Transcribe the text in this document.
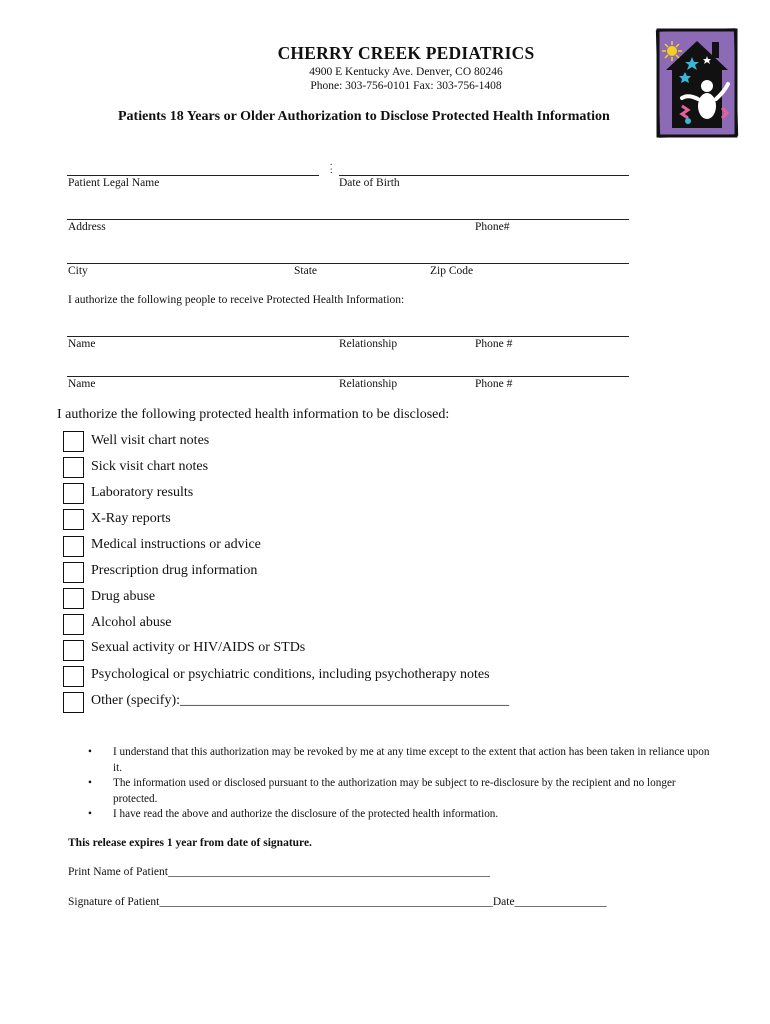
CHERRY CREEK PEDIATRICS
4900 E Kentucky Ave. Denver, CO 80246
Phone: 303-756-0101 Fax: 303-756-1408
Patients 18 Years or Older Authorization to Disclose Protected Health Information
.
:
Patient Legal Name	Date of Birth
Address	Phone#
City	State	Zip Code
I authorize the following people to receive Protected Health Information:
Name	Relationship	Phone #
Name	Relationship	Phone #
I authorize the following protected health information to be disclosed:
Well visit chart notes
Sick visit chart notes
Laboratory results
X-Ray reports
Medical instructions or advice
Prescription drug information
Drug abuse
Alcohol abuse
Sexual activity or HIV/AIDS or STDs
Psychological or psychiatric conditions, including psychotherapy notes
Other (specify):_______________________________________________
• I understand that this authorization may be revoked by me at any time except to the extent that action has been taken in reliance upon it.
• The information used or disclosed pursuant to the authorization may be subject to re-disclosure by the recipient and no longer protected.
• I have read the above and authorize the disclosure of the protected health information.
This release expires 1 year from date of signature.
Print Name of Patient________________________________________________________
Signature of Patient__________________________________________________________Date________________
